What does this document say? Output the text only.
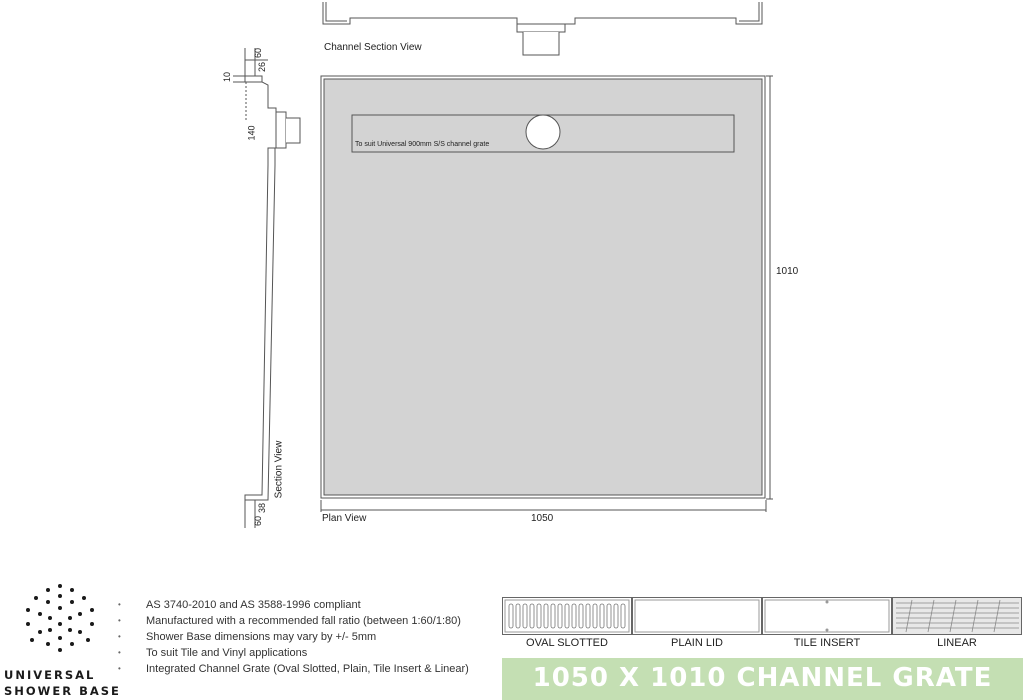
Channel Section View
Plan View	1050
1010
To suit Universal 900mm S/S channel grate
Section View
60
26
10
140
38
60
UNIVERSAL
SHOWER BASE
• AS 3740-2010 and AS 3588-1996 compliant
• Manufactured with a recommended fall ratio (between 1:60/1:80)
• Shower Base dimensions may vary by +/- 5mm
• To suit Tile and Vinyl applications
• Integrated Channel Grate (Oval Slotted, Plain, Tile Insert & Linear)
OVAL SLOTTED	PLAIN LID	TILE INSERT	LINEAR
1050 X 1010 CHANNEL GRATE
